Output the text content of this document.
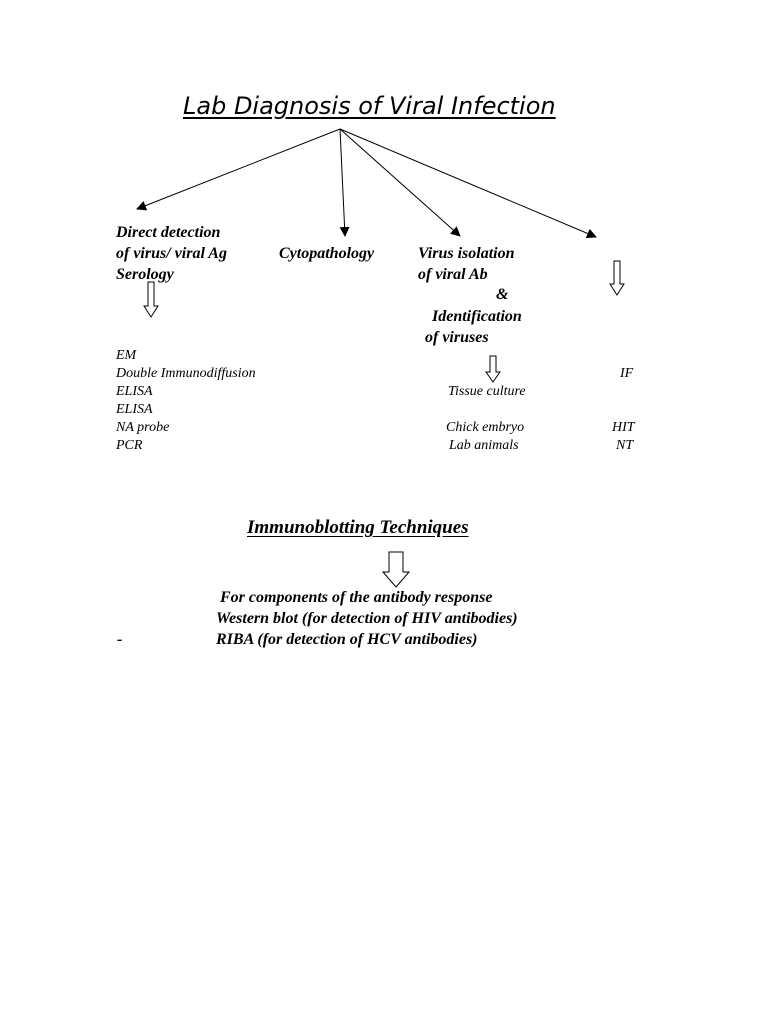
Lab Diagnosis of Viral Infection
Direct detection
of virus/ viral Ag
Serology
Cytopathology	Virus isolation
of viral Ab
&
Identification
of viruses
EM
Double Immunodiffusion
ELISA
ELISA
NA probe
PCR
Tissue culture
Chick embryo
Lab animals
IF
HIT
NT
Immunoblotting Techniques
For components of the antibody response
Western blot (for detection of HIV antibodies)
-	RIBA (for detection of HCV antibodies)
